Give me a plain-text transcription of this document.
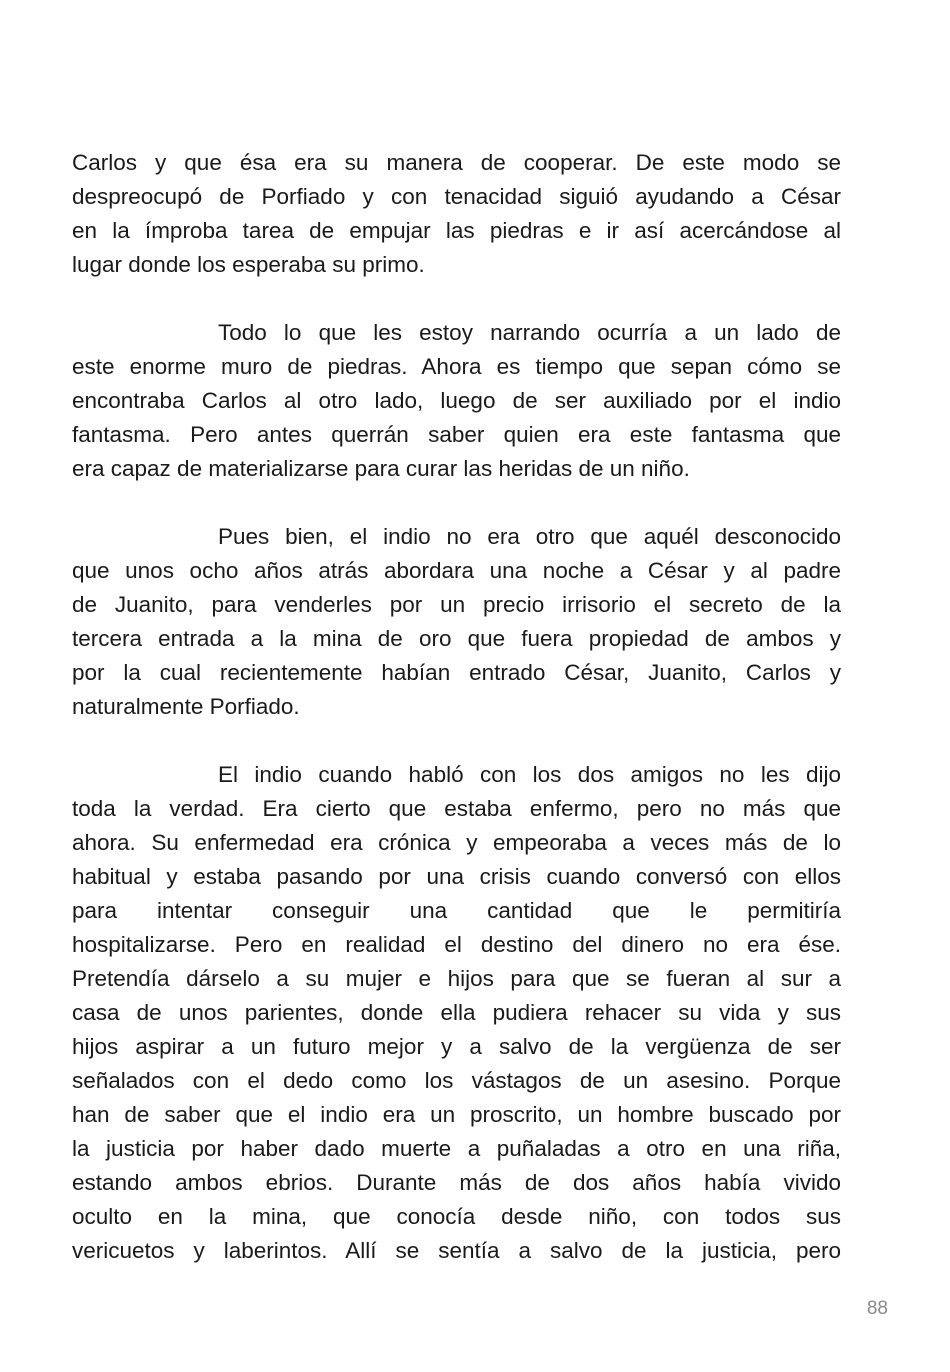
Carlos y que ésa era su manera de cooperar. De este modo se
despreocupó de Porfiado y con tenacidad siguió ayudando a César
en la ímproba tarea de empujar las piedras e ir así acercándose al
lugar donde los esperaba su primo.
Todo lo que les estoy narrando ocurría a un lado de
este enorme muro de piedras. Ahora es tiempo que sepan cómo se
encontraba Carlos al otro lado, luego de ser auxiliado por el indio
fantasma. Pero antes querrán saber quien era este fantasma que
era capaz de materializarse para curar las heridas de un niño.
Pues bien, el indio no era otro que aquél desconocido
que unos ocho años atrás abordara una noche a César y al padre
de Juanito, para venderles por un precio irrisorio el secreto de la
tercera entrada a la mina de oro que fuera propiedad de ambos y
por la cual recientemente habían entrado César, Juanito, Carlos y
naturalmente Porfiado.
El indio cuando habló con los dos amigos no les dijo
toda la verdad. Era cierto que estaba enfermo, pero no más que
ahora. Su enfermedad era crónica y empeoraba a veces más de lo
habitual y estaba pasando por una crisis cuando conversó con ellos
para intentar conseguir una cantidad que le permitiría
hospitalizarse. Pero en realidad el destino del dinero no era ése.
Pretendía dárselo a su mujer e hijos para que se fueran al sur a
casa de unos parientes, donde ella pudiera rehacer su vida y sus
hijos aspirar a un futuro mejor y a salvo de la vergüenza de ser
señalados con el dedo como los vástagos de un asesino. Porque
han de saber que el indio era un proscrito, un hombre buscado por
la justicia por haber dado muerte a puñaladas a otro en una riña,
estando ambos ebrios. Durante más de dos años había vivido
oculto en la mina, que conocía desde niño, con todos sus
vericuetos y laberintos. Allí se sentía a salvo de la justicia, pero
88
